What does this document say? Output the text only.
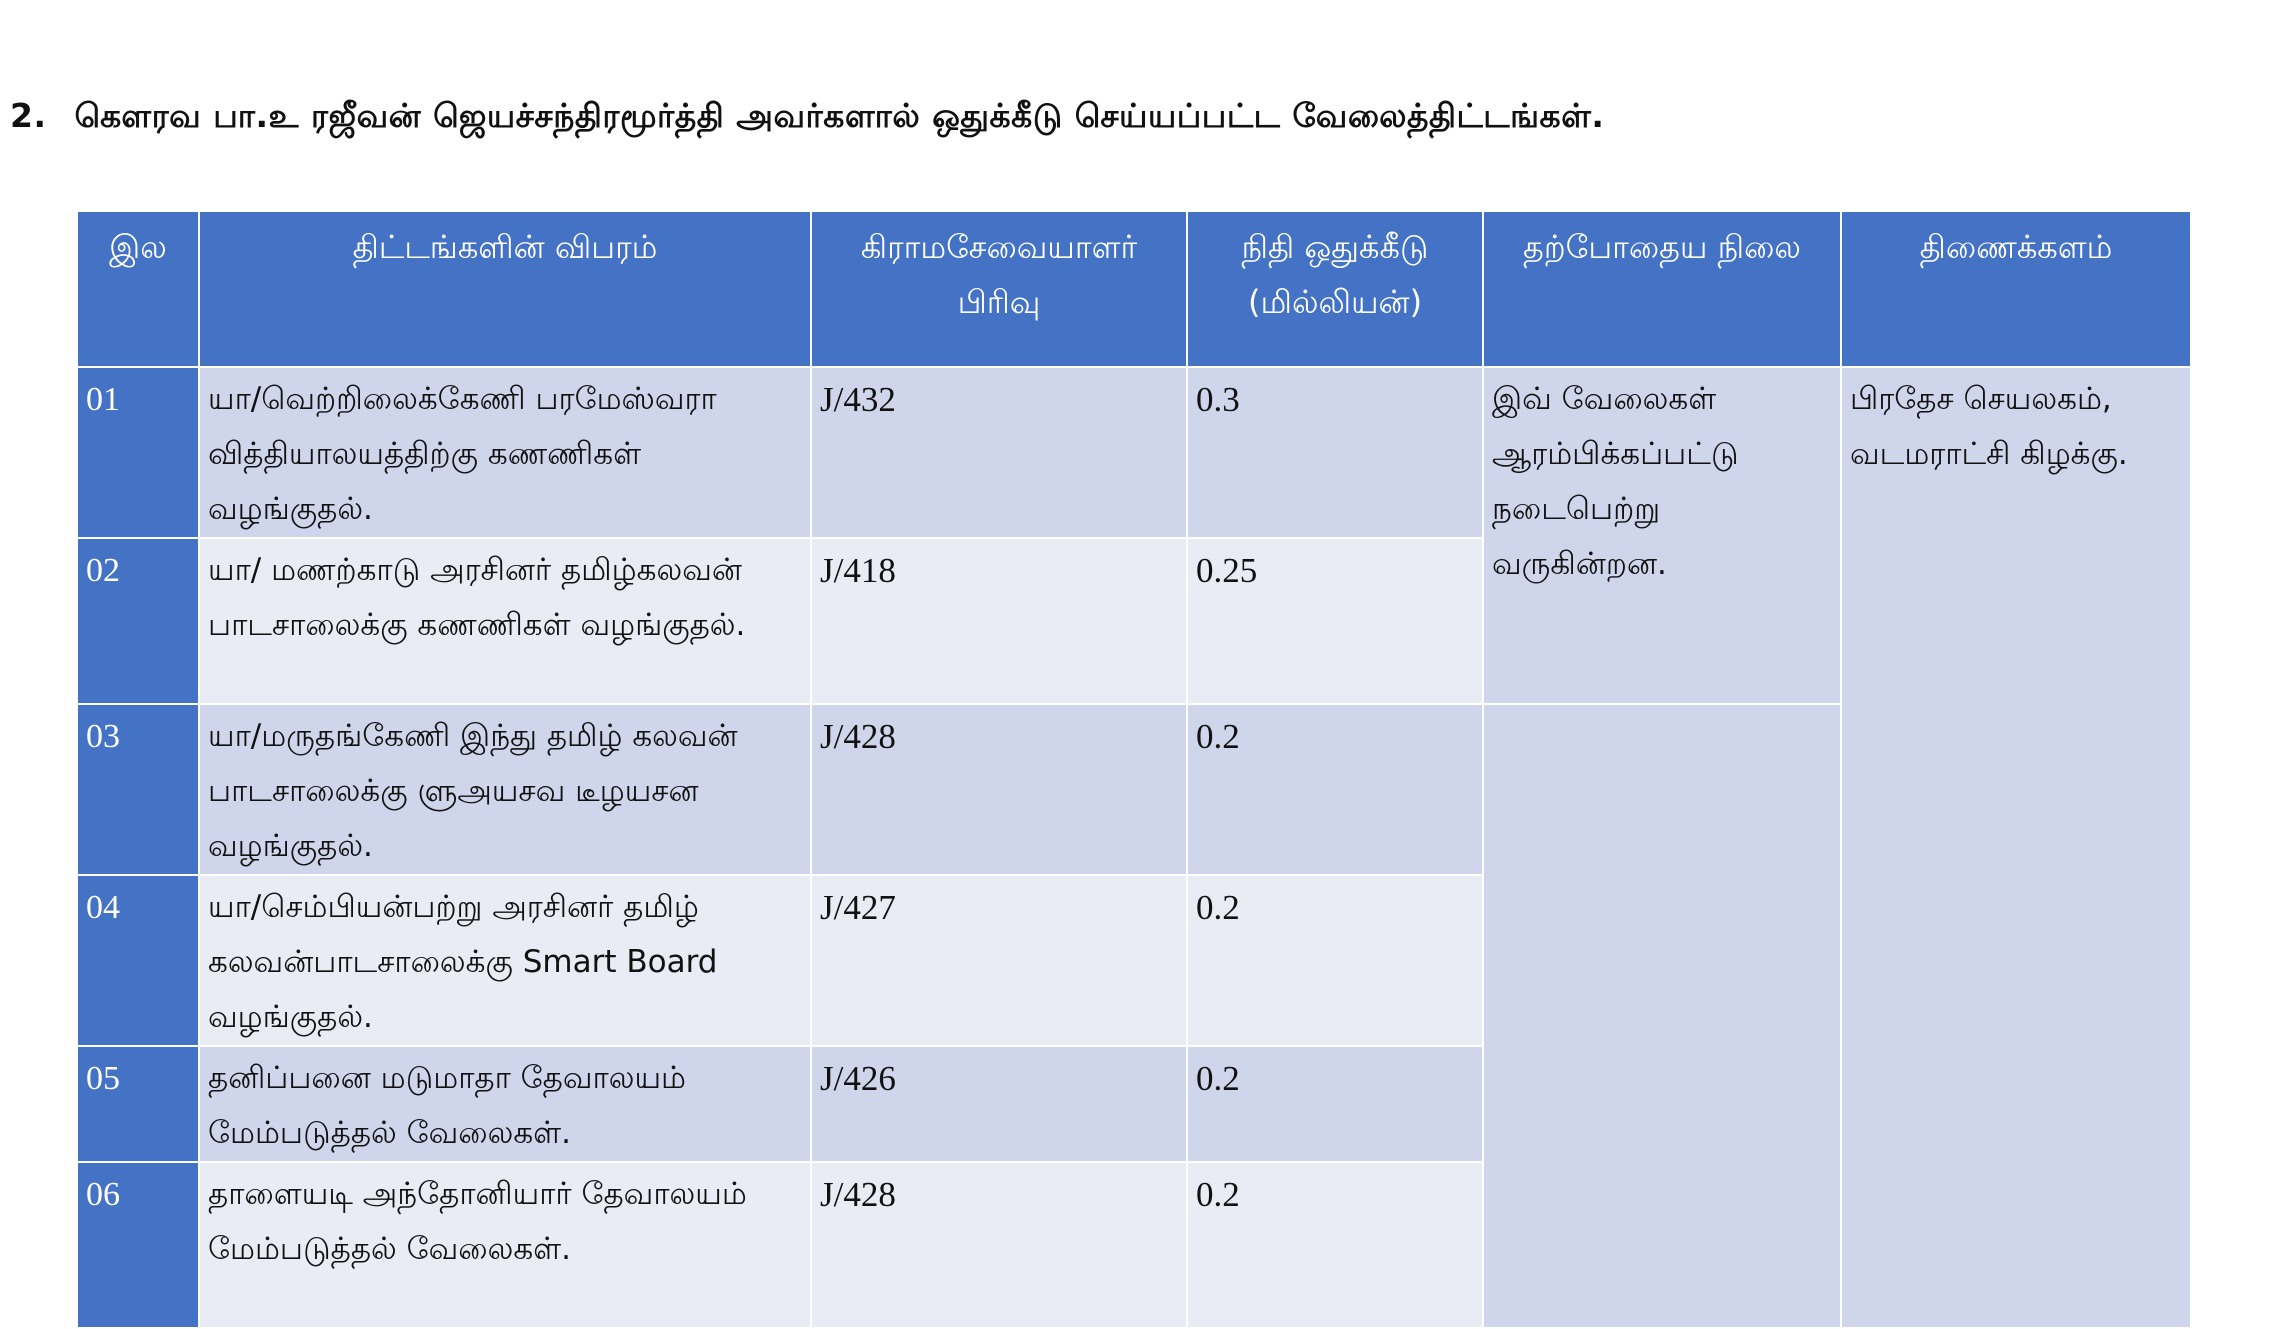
2. கௌரவ பா.உ ரஜீவன் ஜெயச்சந்திரமூர்த்தி அவர்களால் ஒதுக்கீடு செய்யப்பட்ட வேலைத்திட்டங்கள்.
இல	திட்டங்களின் விபரம்	கிராமசேவையாளர் பிரிவு	நிதி ஒதுக்கீடு (மில்லியன்)	தற்போதைய நிலை	திணைக்களம்
01	யா/வெற்றிலைக்கேணி பரமேஸ்வரா வித்தியாலயத்திற்கு கணணிகள் வழங்குதல்.	J/432	0.3	இவ் வேலைகள் ஆரம்பிக்கப்பட்டு நடைபெற்று வருகின்றன.	பிரதேச செயலகம், வடமராட்சி கிழக்கு.
02	யா/ மணற்காடு அரசினர் தமிழ்கலவன் பாடசாலைக்கு கணணிகள் வழங்குதல்.	J/418	0.25		
03	யா/மருதங்கேணி இந்து தமிழ் கலவன் பாடசாலைக்கு ளுஅயசவ டீழயசன வழங்குதல்.	J/428	0.2		
04	யா/செம்பியன்பற்று அரசினர் தமிழ் கலவன்பாடசாலைக்கு Smart Board வழங்குதல்.	J/427	0.2		
05	தனிப்பனை மடுமாதா தேவாலயம் மேம்படுத்தல் வேலைகள்.	J/426	0.2		
06	தாளையடி அந்தோனியார் தேவாலயம் மேம்படுத்தல் வேலைகள்.	J/428	0.2		
